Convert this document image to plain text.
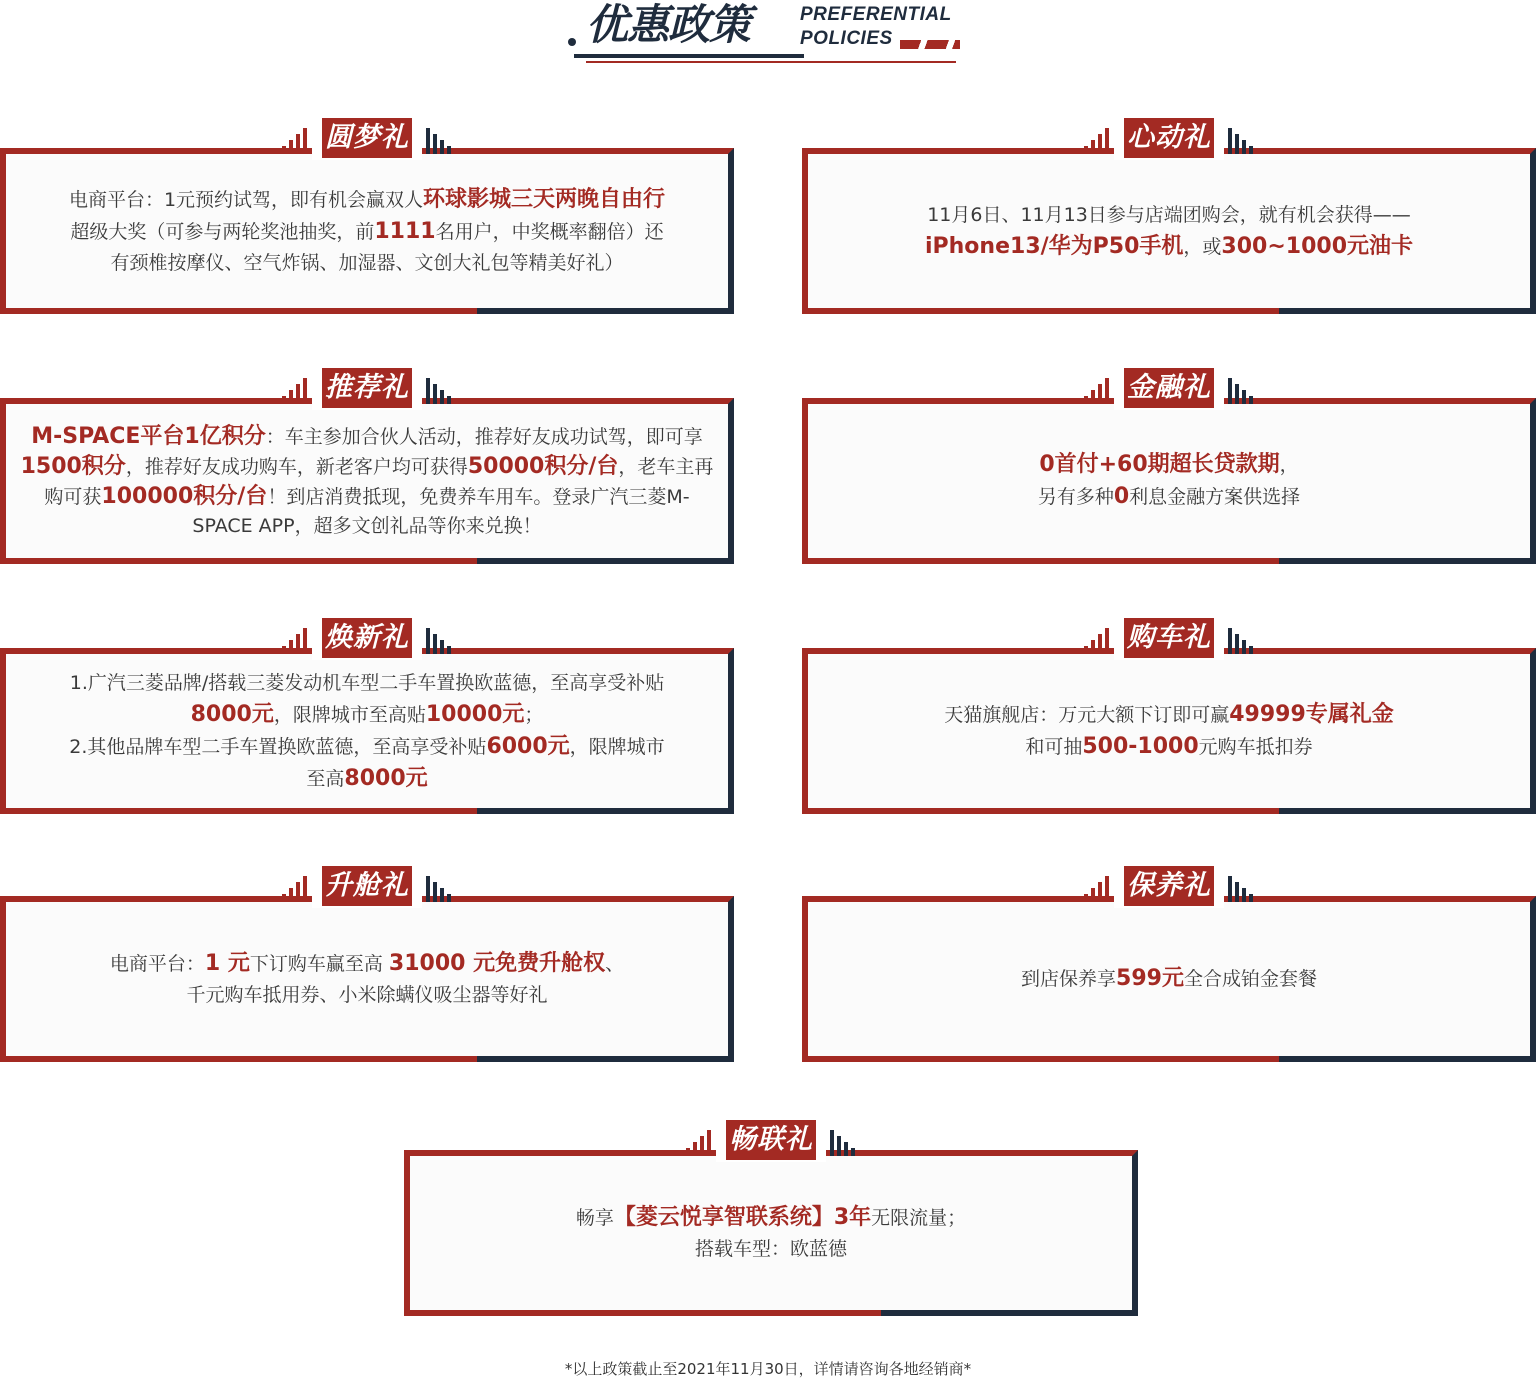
优惠政策	PREFERENTIAL
POLICIES
圆梦礼
电商平台：1元预约试驾，即有机会赢双人环球影城三天两晚自由行超级大奖（可参与两轮奖池抽奖，前1111名用户，中奖概率翻倍）还有颈椎按摩仪、空气炸锅、加湿器、文创大礼包等精美好礼）
心动礼
11月6日、11月13日参与店端团购会，就有机会获得——
iPhone13/华为P50手机，或300~1000元油卡
推荐礼
M-SPACE平台1亿积分：车主参加合伙人活动，推荐好友成功试驾，即可享1500积分，推荐好友成功购车，新老客户均可获得50000积分/台，老车主再购可获100000积分/台！到店消费抵现，免费养车用车。登录广汽三菱M-SPACE APP，超多文创礼品等你来兑换！
金融礼
0首付+60期超长贷款期，
另有多种0利息金融方案供选择
焕新礼
1.广汽三菱品牌/搭载三菱发动机车型二手车置换欧蓝德，至高享受补贴8000元，限牌城市至高贴10000元；
2.其他品牌车型二手车置换欧蓝德，至高享受补贴6000元，限牌城市至高8000元
购车礼
天猫旗舰店：万元大额下订即可赢49999专属礼金
和可抽500-1000元购车抵扣券
升舱礼
电商平台：1 元下订购车赢至高 31000 元免费升舱权、
千元购车抵用券、小米除螨仪吸尘器等好礼
保养礼
到店保养享599元全合成铂金套餐
畅联礼
畅享【菱云悦享智联系统】3年无限流量；
搭载车型：欧蓝德
*以上政策截止至2021年11月30日，详情请咨询各地经销商*
